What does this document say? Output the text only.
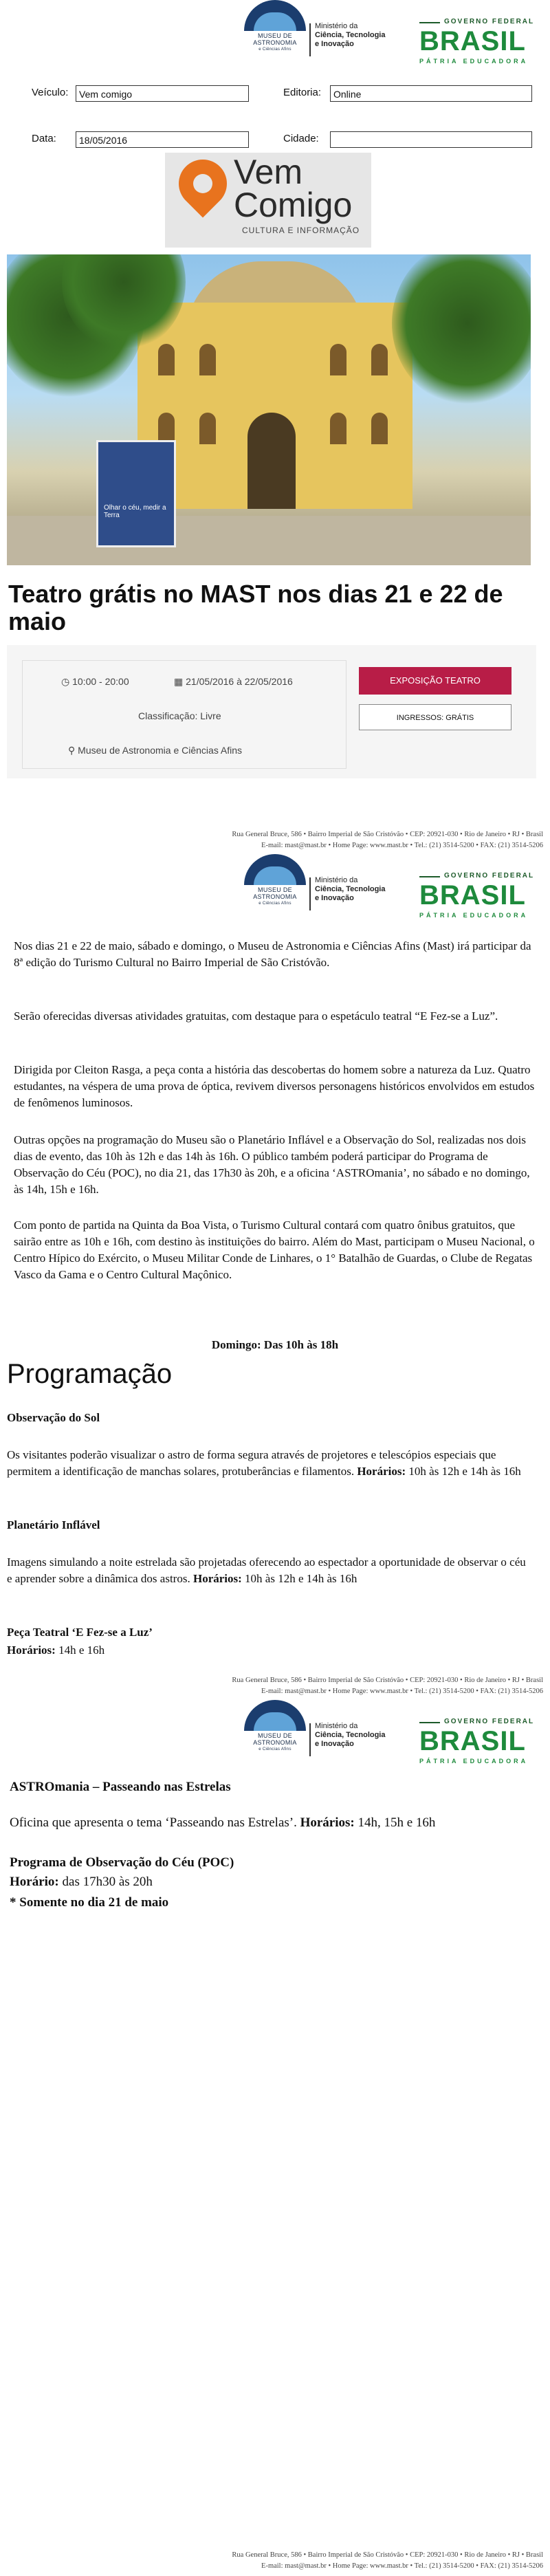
MUSEU DE
ASTRONOMIA
e Ciências Afins
Ministério da
Ciência, Tecnologia
e Inovação
GOVERNO FEDERAL
BRASIL
PÁTRIA EDUCADORA
Veículo:	Vem comigo	Editoria:	Online
Data:	18/05/2016	Cidade:
Vem
Comigo
CULTURA E INFORMAÇÃO
Olhar o céu, medir a Terra
Teatro grátis no MAST nos dias 21 e 22 de maio
◷ 10:00 - 20:00	▦ 21/05/2016 à 22/05/2016
Classificação: Livre
⚲ Museu de Astronomia e Ciências Afins
EXPOSIÇÃO TEATRO
INGRESSOS: GRÁTIS
Rua General Bruce, 586 • Bairro Imperial de São Cristóvão • CEP: 20921-030 • Rio de Janeiro • RJ • Brasil
E-mail: mast@mast.br • Home Page: www.mast.br • Tel.: (21) 3514-5200 • FAX: (21) 3514-5206
MUSEU DE
ASTRONOMIA
e Ciências Afins
Ministério da
Ciência, Tecnologia
e Inovação
GOVERNO FEDERAL
BRASIL
PÁTRIA EDUCADORA
Nos dias 21 e 22 de maio, sábado e domingo, o Museu de Astronomia e Ciências Afins (Mast) irá participar da 8ª edição do Turismo Cultural no Bairro Imperial de São Cristóvão.
Serão oferecidas diversas atividades gratuitas, com destaque para o espetáculo teatral “E Fez-se a Luz”.
Dirigida por Cleiton Rasga, a peça conta a história das descobertas do homem sobre a natureza da Luz. Quatro estudantes, na véspera de uma prova de óptica, revivem diversos personagens históricos envolvidos em estudos de fenômenos luminosos.
Outras opções na programação do Museu são o Planetário Inflável e a Observação do Sol, realizadas nos dois dias de evento, das 10h às 12h e das 14h às 16h. O público também poderá participar do Programa de Observação do Céu (POC), no dia 21, das 17h30 às 20h, e a oficina ‘ASTROmania’, no sábado e no domingo, às 14h, 15h e 16h.
Com ponto de partida na Quinta da Boa Vista, o Turismo Cultural contará com quatro ônibus gratuitos, que sairão entre as 10h e 16h, com destino às instituições do bairro. Além do Mast, participam o Museu Nacional, o Centro Hípico do Exército, o Museu Militar Conde de Linhares, o 1° Batalhão de Guardas, o Clube de Regatas Vasco da Gama e o Centro Cultural Maçônico.
Domingo: Das 10h às 18h
Programação
Observação do Sol
Os visitantes poderão visualizar o astro de forma segura através de projetores e telescópios especiais que permitem a identificação de manchas solares, protuberâncias e filamentos. Horários: 10h às 12h e 14h às 16h
Planetário Inflável
Imagens simulando a noite estrelada são projetadas oferecendo ao espectador a oportunidade de observar o céu e aprender sobre a dinâmica dos astros. Horários: 10h às 12h e 14h às 16h
Peça Teatral ‘E Fez-se a Luz’
Horários: 14h e 16h
Rua General Bruce, 586 • Bairro Imperial de São Cristóvão • CEP: 20921-030 • Rio de Janeiro • RJ • Brasil
E-mail: mast@mast.br • Home Page: www.mast.br • Tel.: (21) 3514-5200 • FAX: (21) 3514-5206
MUSEU DE
ASTRONOMIA
e Ciências Afins
Ministério da
Ciência, Tecnologia
e Inovação
GOVERNO FEDERAL
BRASIL
PÁTRIA EDUCADORA
ASTROmania – Passeando nas Estrelas
Oficina que apresenta o tema ‘Passeando nas Estrelas’. Horários: 14h, 15h e 16h
Programa de Observação do Céu (POC)
Horário: das 17h30 às 20h
* Somente no dia 21 de maio
Rua General Bruce, 586 • Bairro Imperial de São Cristóvão • CEP: 20921-030 • Rio de Janeiro • RJ • Brasil
E-mail: mast@mast.br • Home Page: www.mast.br • Tel.: (21) 3514-5200 • FAX: (21) 3514-5206
